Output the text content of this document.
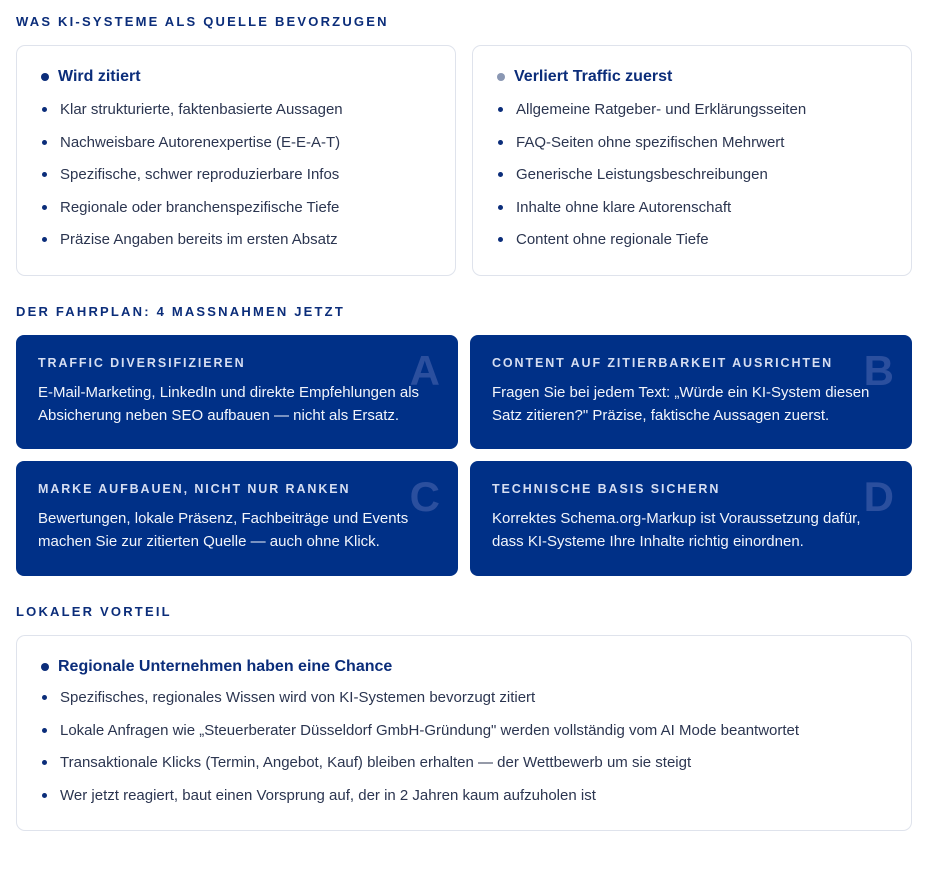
WAS KI-SYSTEME ALS QUELLE BEVORZUGEN
Wird zitiert
Klar strukturierte, faktenbasierte Aussagen
Nachweisbare Autorenexpertise (E-E-A-T)
Spezifische, schwer reproduzierbare Infos
Regionale oder branchenspezifische Tiefe
Präzise Angaben bereits im ersten Absatz
Verliert Traffic zuerst
Allgemeine Ratgeber- und Erklärungsseiten
FAQ-Seiten ohne spezifischen Mehrwert
Generische Leistungsbeschreibungen
Inhalte ohne klare Autorenschaft
Content ohne regionale Tiefe
DER FAHRPLAN: 4 MASSNAHMEN JETZT
A
TRAFFIC DIVERSIFIZIEREN

E-Mail-Marketing, LinkedIn und direkte Empfehlungen als Absicherung neben SEO aufbauen — nicht als Ersatz.

B
CONTENT AUF ZITIERBARKEIT AUSRICHTEN

Fragen Sie bei jedem Text: „Würde ein KI-System diesen Satz zitieren?" Präzise, faktische Aussagen zuerst.

C
MARKE AUFBAUEN, NICHT NUR RANKEN

Bewertungen, lokale Präsenz, Fachbeiträge und Events machen Sie zur zitierten Quelle — auch ohne Klick.

D
TECHNISCHE BASIS SICHERN

Korrektes Schema.org-Markup ist Voraussetzung dafür, dass KI-Systeme Ihre Inhalte richtig einordnen.

LOKALER VORTEIL
Regionale Unternehmen haben eine Chance
Spezifisches, regionales Wissen wird von KI-Systemen bevorzugt zitiert
Lokale Anfragen wie „Steuerberater Düsseldorf GmbH-Gründung" werden vollständig vom AI Mode beantwortet
Transaktionale Klicks (Termin, Angebot, Kauf) bleiben erhalten — der Wettbewerb um sie steigt
Wer jetzt reagiert, baut einen Vorsprung auf, der in 2 Jahren kaum aufzuholen ist
